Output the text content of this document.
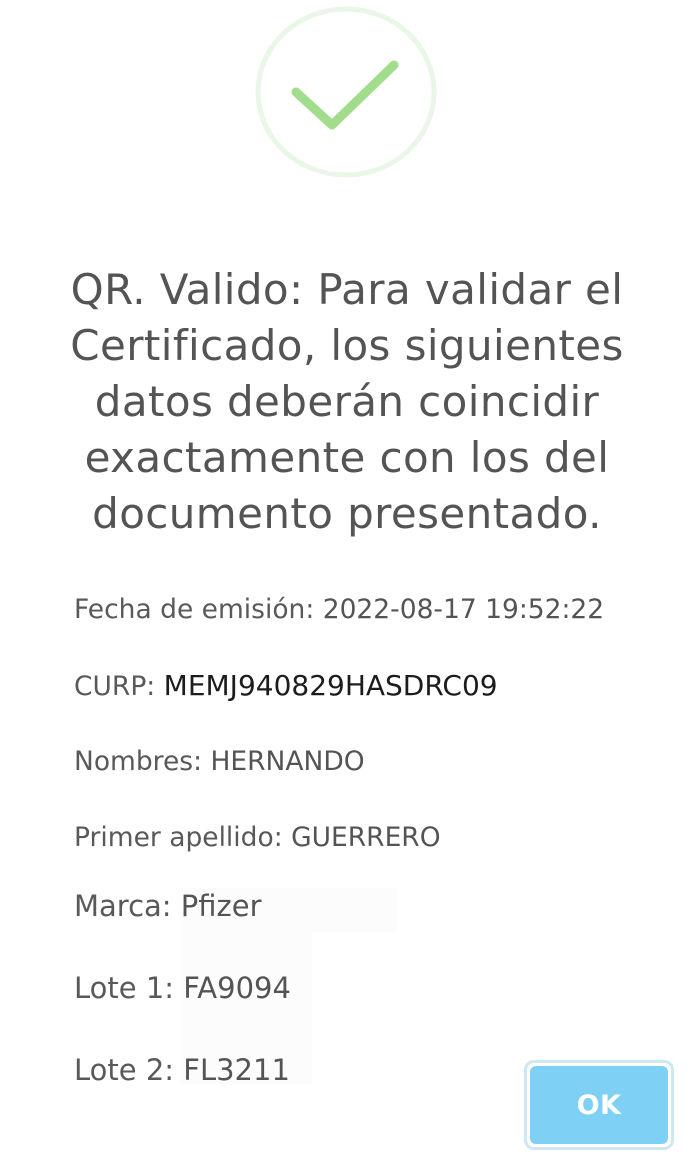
QR. Valido: Para validar el Certificado, los siguientes datos deberán coincidir exactamente con los del documento presentado.
Fecha de emisión: 2022-08-17 19:52:22
CURP: MEMJ940829HASDRC09
Nombres: HERNANDO
Primer apellido: GUERRERO
Marca: Pfizer
Lote 1: FA9094
Lote 2: FL3211
OK
